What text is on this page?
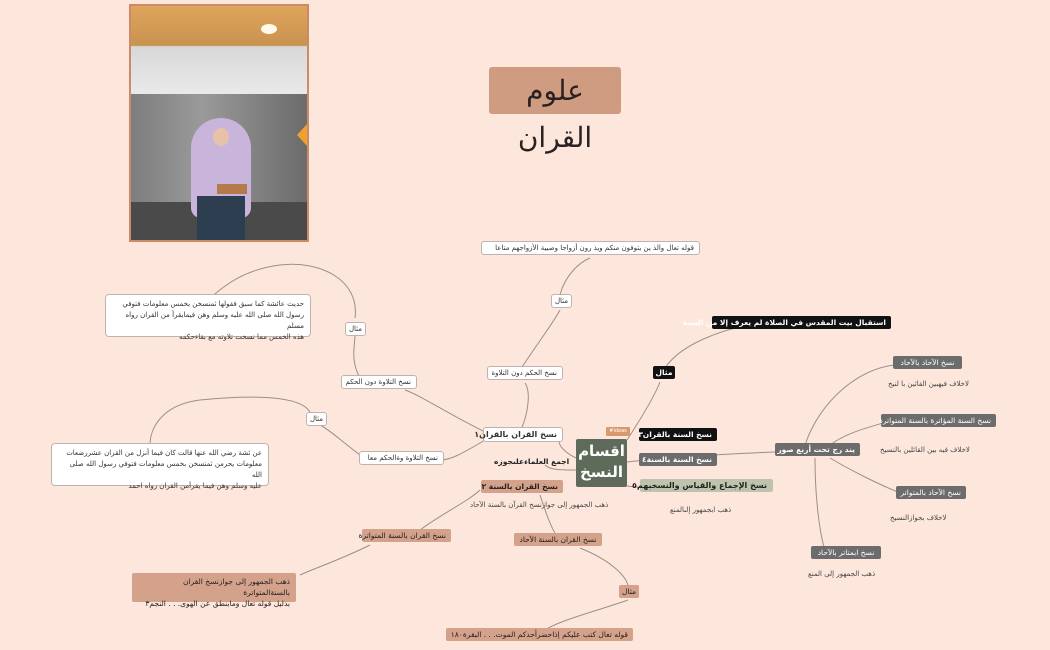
علوم القران
اقسام
النسخ
#ideas
نسخ القران بالقران١
اجمع العلماءعلىجوزه
نسخ القران بالسنة ٢
ذهب الجمهور إلى جوازنسخ القرآن بالسنة الآحاد
نسخ السنة بالقران٣
نسخ السنة بالسنة٤
نسخ الإجماع والقياس والنسخبهم٥
ذهب ابجمهور إلىالمنع
نسخ الحكم دون التلاوة
مثال
قوله تعال والذ ين يتوفون منكم ويذ رون أزواجا وصيية الأزواجهم متاعا
نسخ التلاوة دون الحكم
مثال
حديث عائشة كما سبق فقولها ثمنسخن بخمس معلومات فتوفي
رسول الله صلى الله عليه وسلم وهن فيمايقرأ من القران رواه مسلم
هذه الخمس مما نسخت تلاوته مع بقاءحكمه
نسخ التلاوة وةالحكم معا
مثال
عن ئشة رضي الله عنها قالت كان فيما أنزل من القران عشررضعات
معلومات يحرمن ثمنسخن بخمس معلومات فتوفي رسول الله صلى الله
عليه وسلم وهن فيما يقرأمن القران رواه احمد
نسخ القران بالسنة المتواترة
ذهب الجمهور إلى جوازنسخ القران بالسنةالمتواترة
بدليل قوله تعال ومابنطق عن الهوى. . . النجم٣
نسخ القران بالسنة الآحاد
مثال
قوله تعال كتب عليكم إذاحضرأحدكم الموت. . . البقرة١٨٠
مثال
استقبال بيت المقدس في الصلاة لم يعرف إلا من السنة
يند رج تحت أربع صور
نسخ الآحاد بالآحاد
لاخلاف فيهبين القائين با لنيخ
نسخ السنة المؤاترة بالسنة المتواترة
لاخلاف فيه بين القائلين بالنسيخ
نسخ الآحاد بالمتواتر
لاخلاف بجوازالنسيخ
نسخ ابمتاتر بالآحاد
ذهب الجمهور إلى المنع
